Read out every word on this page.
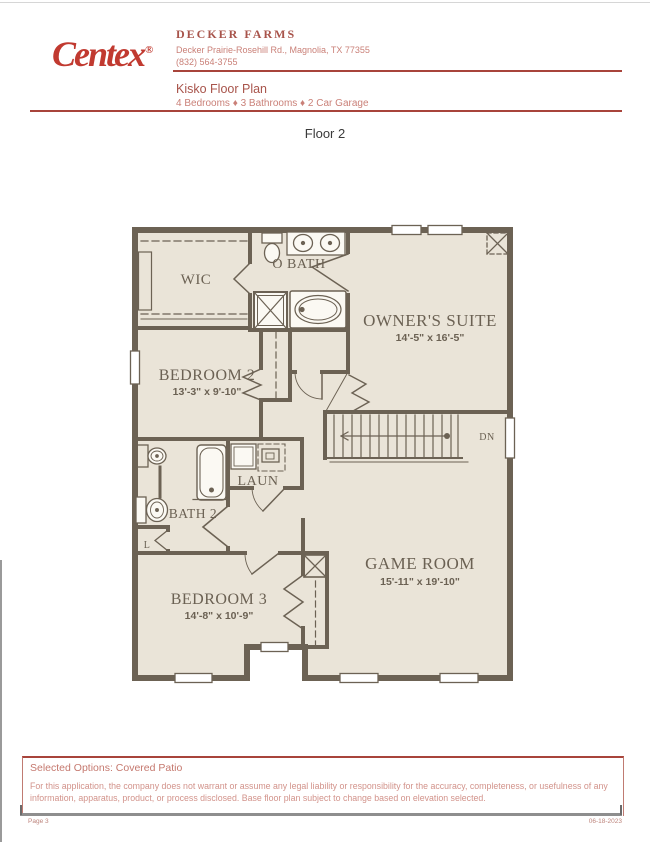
Centex®
DECKER FARMS
Decker Prairie-Rosehill Rd., Magnolia, TX 77355
(832) 564-3755
Kisko Floor Plan
4 Bedrooms ♦ 3 Bathrooms ♦ 2 Car Garage
Floor 2
WIC
O BATH
OWNER'S SUITE
14'-5" x 16'-5"
BEDROOM 2
13'-3" x 9'-10"
LAUN
BATH 2
L
DN
BEDROOM 3
14'-8" x 10'-9"
GAME ROOM
15'-11" x 19'-10"
Selected Options: Covered Patio
For this application, the company does not warrant or assume any legal liability or responsibility for the accuracy, completeness, or usefulness of any
information, apparatus, product, or process disclosed. Base floor plan subject to change based on elevation selected.
Page 3	06-18-2023
